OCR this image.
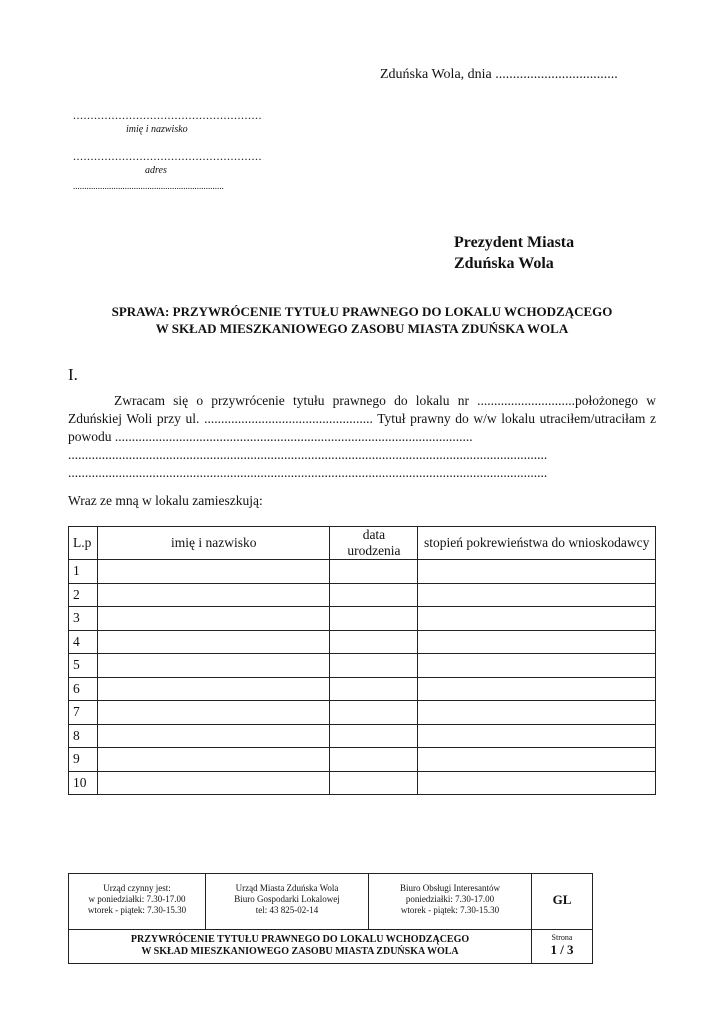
Zduńska Wola, dnia ...................................
......................................................
imię i nazwisko
......................................................
adres
...................................................................
Prezydent Miasta
Zduńska Wola
SPRAWA: PRZYWRÓCENIE TYTUŁU PRAWNEGO DO LOKALU WCHODZĄCEGO
W SKŁAD MIESZKANIOWEGO ZASOBU MIASTA ZDUŃSKA WOLA
I.

Zwracam się o przywrócenie tytułu prawnego do lokalu nr .............................położonego w Zduńskiej Woli przy ul. .................................................. Tytuł prawny do w/w lokalu utraciłem/utraciłam z powodu ..........................................................................................................

..............................................................................................................................................

..............................................................................................................................................

Wraz ze mną w lokalu zamieszkują:
L.p	imię i nazwisko	data urodzenia	stopień pokrewieństwa do wnioskodawcy
1			
2			
3			
4			
5			
6			
7			
8			
9			
10			
Urząd czynny jest:
w poniedziałki: 7.30-17.00
wtorek - piątek: 7.30-15.30
Urząd Miasta Zduńska Wola
Biuro Gospodarki Lokalowej
tel: 43 825-02-14
Biuro Obsługi Interesantów
poniedziałki: 7.30-17.00
wtorek - piątek: 7.30-15.30
GL
PRZYWRÓCENIE TYTUŁU PRAWNEGO DO LOKALU WCHODZĄCEGO
W SKŁAD MIESZKANIOWEGO ZASOBU MIASTA ZDUŃSKA WOLA
Strona
1 / 3
